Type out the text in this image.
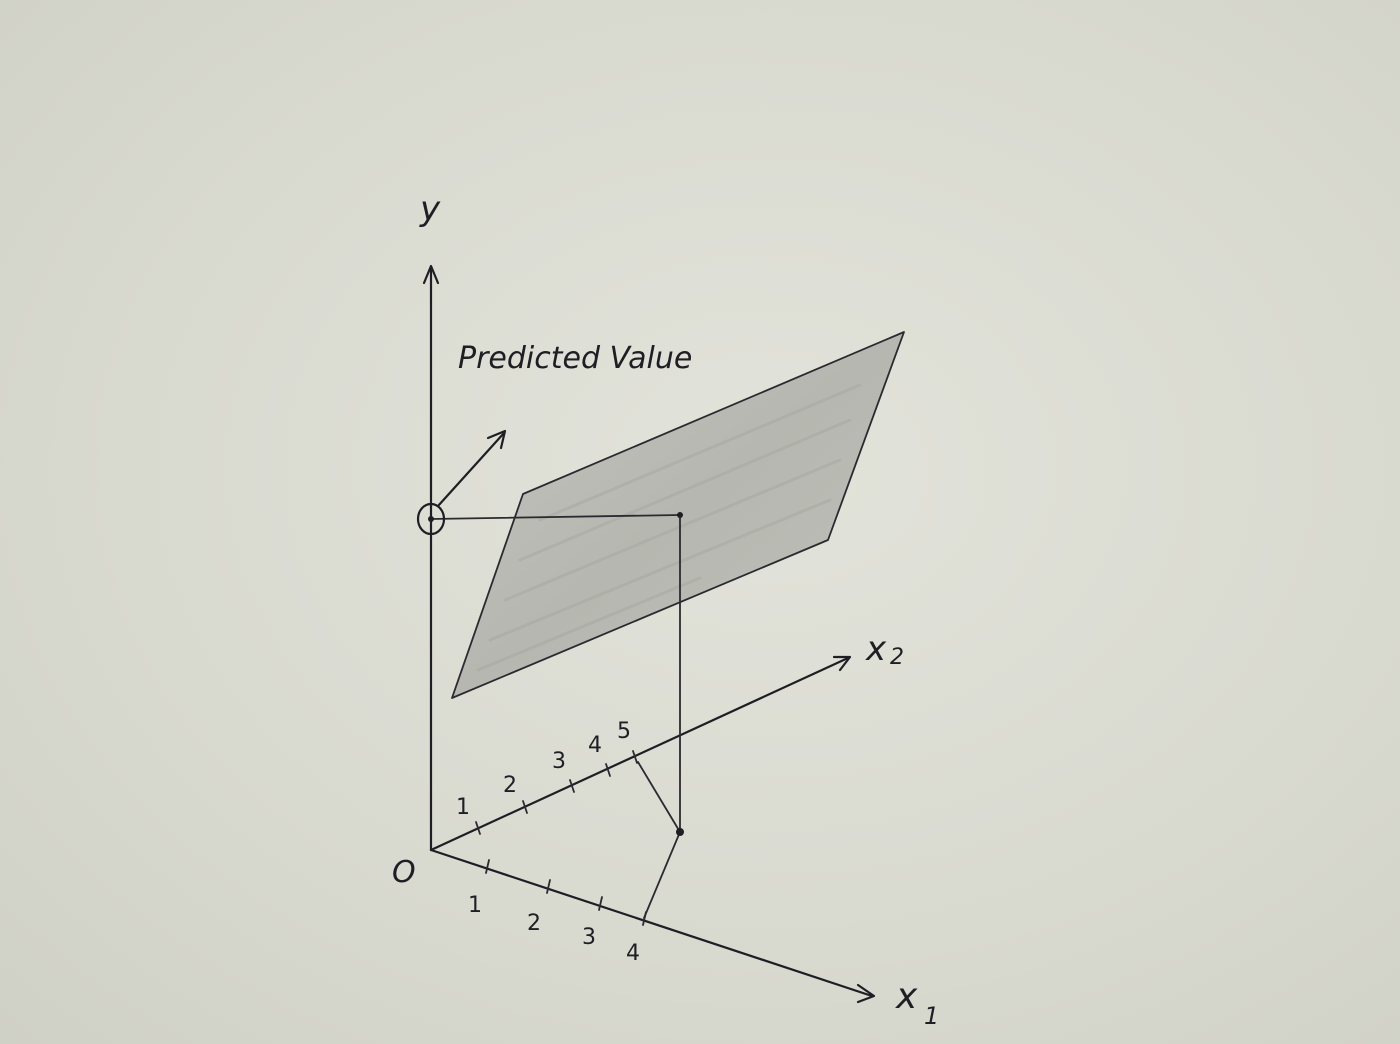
1
2
3
4
5
1
2
3
4
Predicted Value
y
O
x 2
x 1
